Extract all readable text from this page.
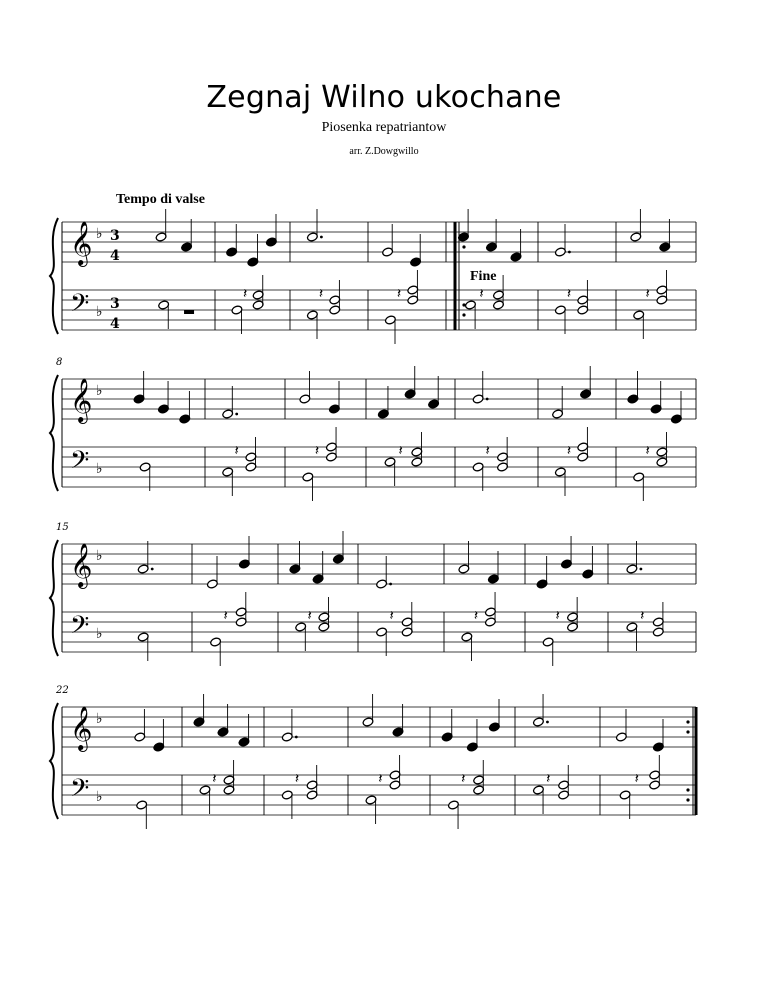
Zegnaj Wilno ukochane
Piosenka repatriantow
arr. Z.Dowgwillo
Tempo di valse
𝄞
𝄢
♭
♭
3
4
3
4
𝄽	𝄽	𝄽	𝄽	𝄽	𝄽
𝄞
𝄢
♭
♭
8
𝄽	𝄽	𝄽	𝄽	𝄽	𝄽
𝄞
𝄢
♭
♭
15
𝄽	𝄽	𝄽	𝄽	𝄽	𝄽
𝄞
𝄢
♭
♭
22
𝄽	𝄽	𝄽	𝄽	𝄽	𝄽
Fine
